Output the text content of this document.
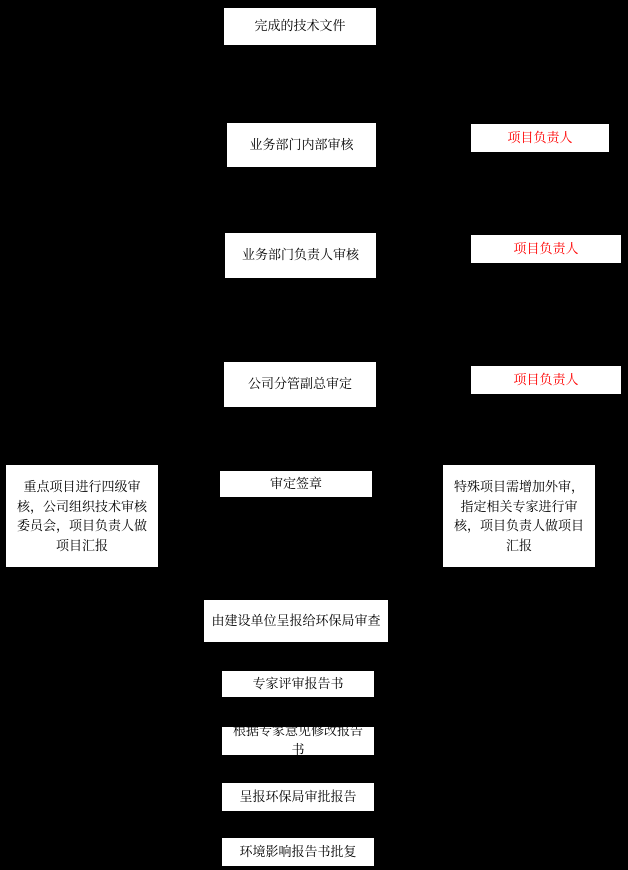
完成的技术文件
业务部门内部审核	项目负责人
业务部门负责人审核	项目负责人
公司分管副总审定	项目负责人
审定签章
重点项目进行四级审核，公司组织技术审核委员会，项目负责人做项目汇报
特殊项目需增加外审，指定相关专家进行审核，项目负责人做项目汇报
由建设单位呈报给环保局审查
专家评审报告书
根据专家意见修改报告书
呈报环保局审批报告
环境影响报告书批复
